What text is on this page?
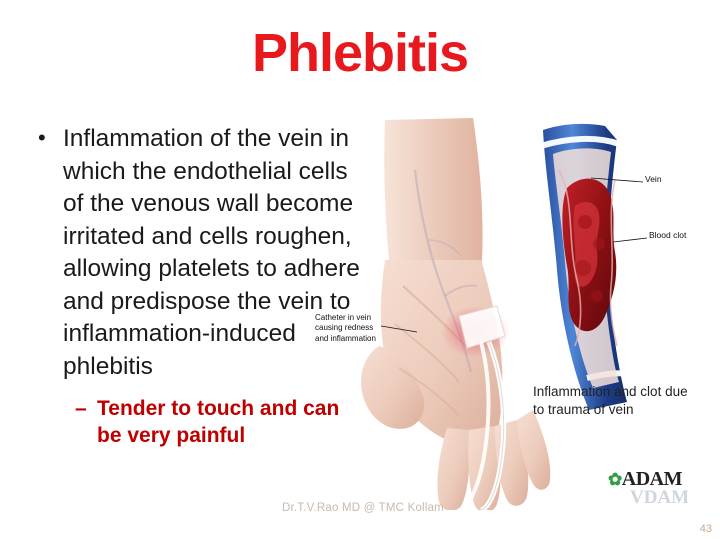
Phlebitis
• Inflammation of the vein in which the endothelial cells of the venous wall become irritated and cells roughen, allowing platelets to adhere and predispose the vein to inflammation-induced phlebitis
– Tender to touch and can be very painful
Vein
Blood clot
Catheter in vein causing redness and inflammation
Inflammation and clot due to trauma of vein
✿ADAM
VDAM
Dr.T.V.Rao MD @ TMC Kollam
43
